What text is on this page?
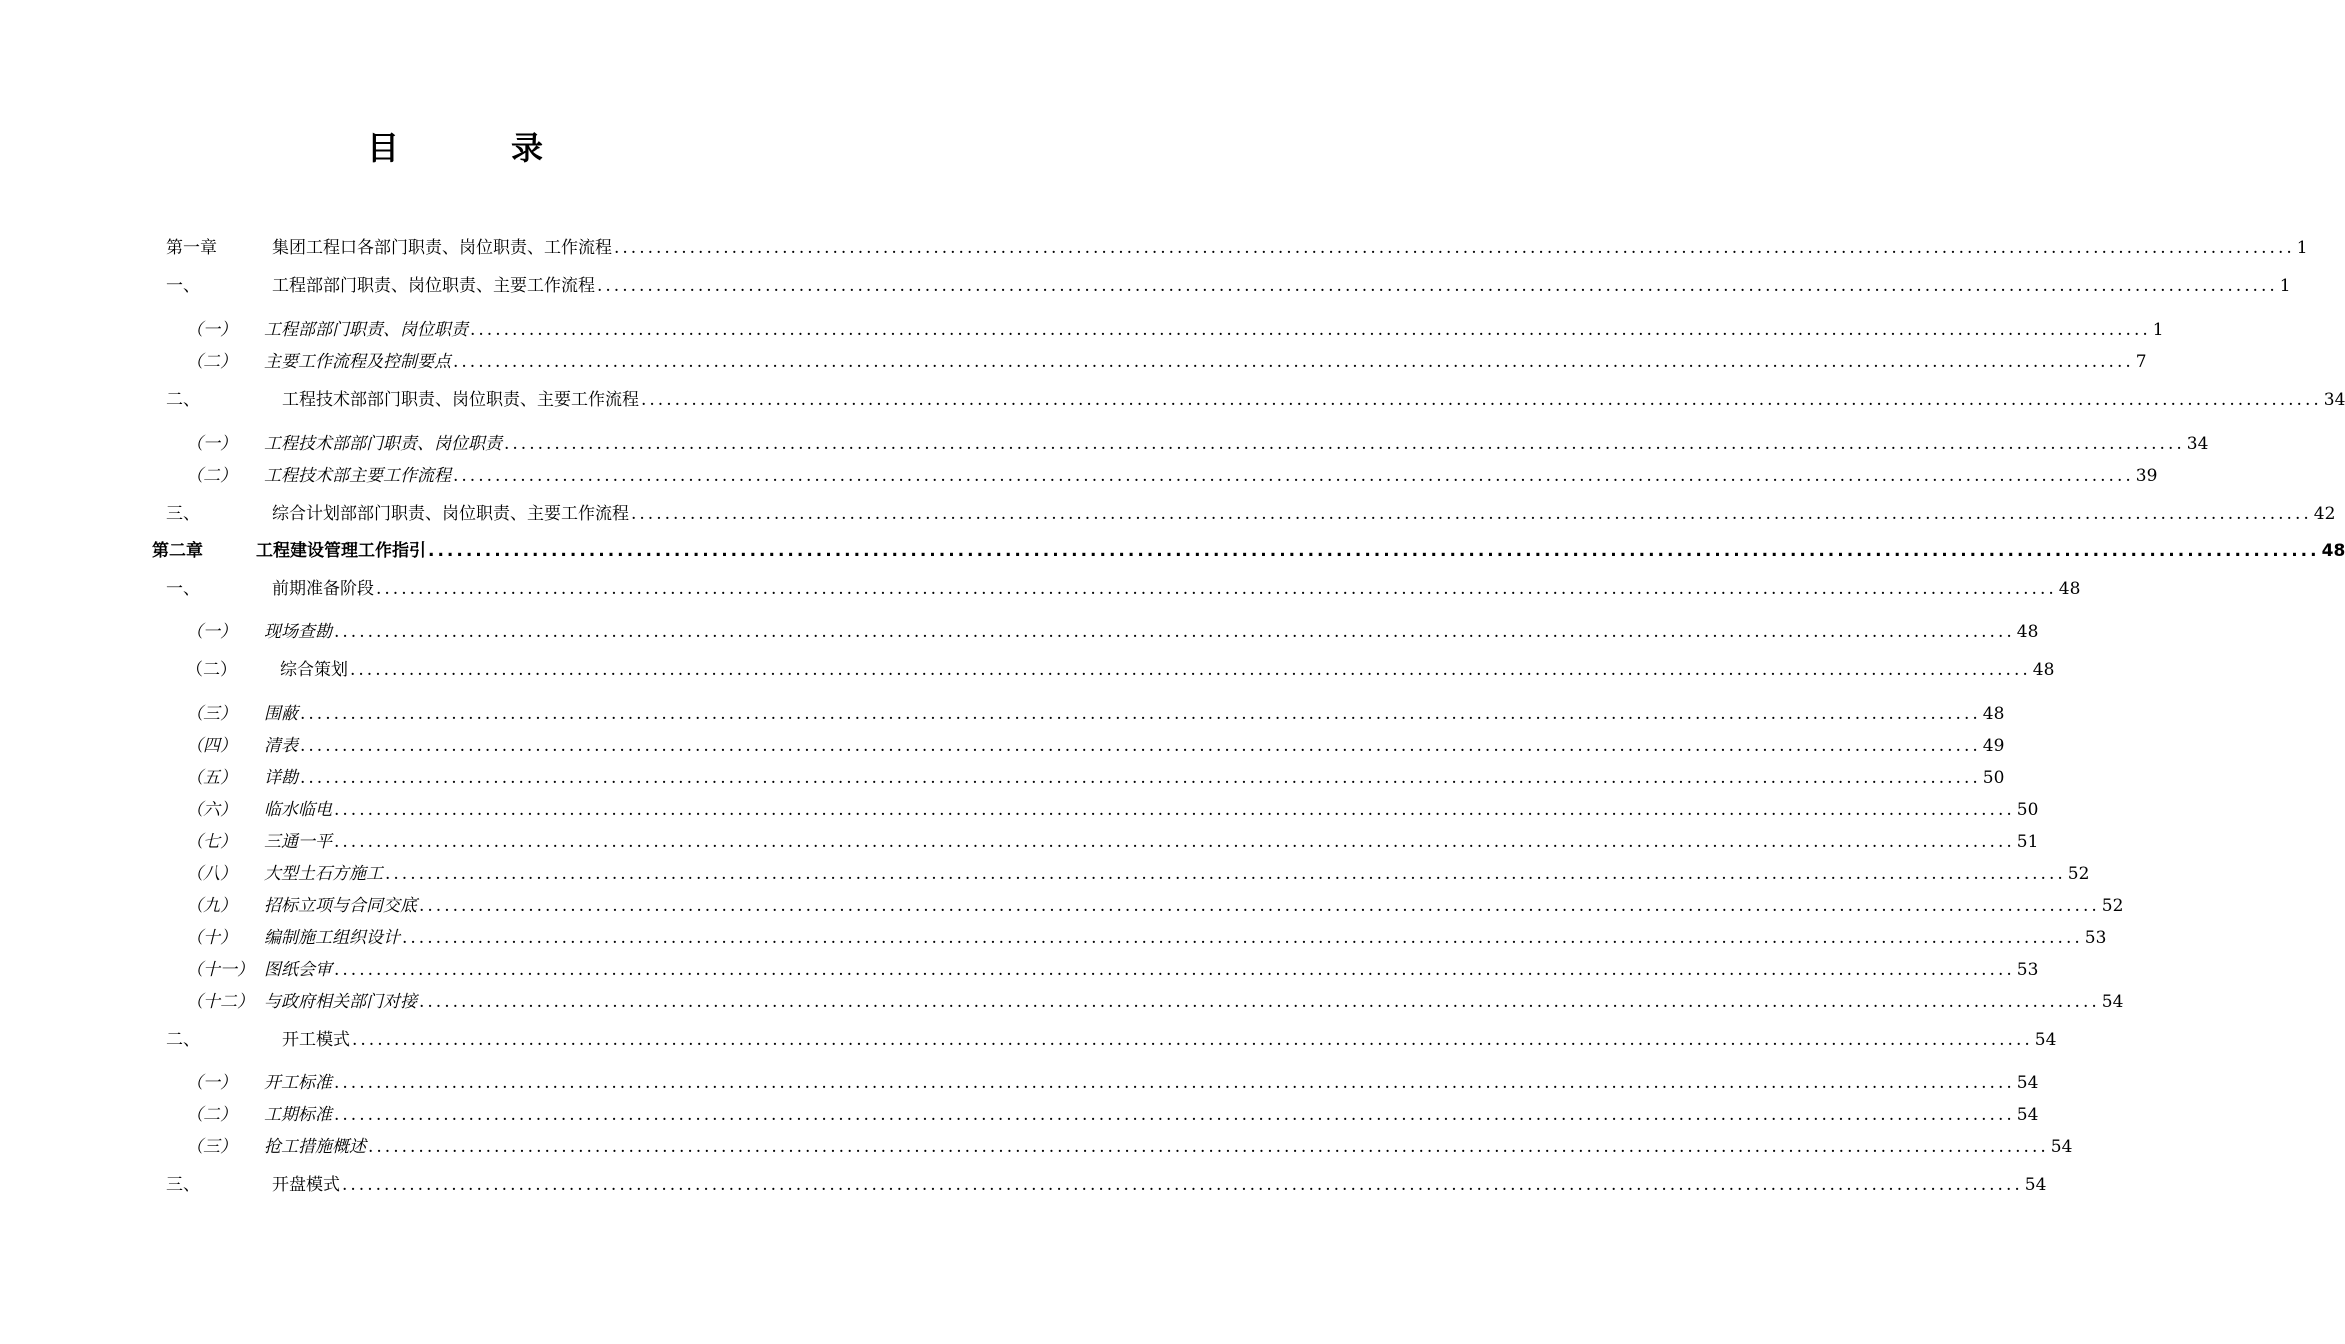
目　录
第一章	集团工程口各部门职责、岗位职责、工作流程 ........................................................................................................................................................................................................ 1
一、	工程部部门职责、岗位职责、主要工作流程 ........................................................................................................................................................................................................ 1
（一） 工程部部门职责、岗位职责 ........................................................................................................................................................................................................ 1
（二） 主要工作流程及控制要点 ........................................................................................................................................................................................................ 7
二、	工程技术部部门职责、岗位职责、主要工作流程 ........................................................................................................................................................................................................ 34
（一） 工程技术部部门职责、岗位职责 ........................................................................................................................................................................................................ 34
（二） 工程技术部主要工作流程 ........................................................................................................................................................................................................ 39
三、	综合计划部部门职责、岗位职责、主要工作流程 ........................................................................................................................................................................................................ 42
第二章	工程建设管理工作指引 ........................................................................................................................................................................................................ 48
一、	前期准备阶段 ........................................................................................................................................................................................................ 48
（一） 现场查勘 ........................................................................................................................................................................................................ 48
（二）	综合策划 ........................................................................................................................................................................................................ 48
（三） 围蔽 ........................................................................................................................................................................................................ 48
（四） 清表 ........................................................................................................................................................................................................ 49
（五） 详勘 ........................................................................................................................................................................................................ 50
（六） 临水临电 ........................................................................................................................................................................................................ 50
（七） 三通一平 ........................................................................................................................................................................................................ 51
（八） 大型土石方施工 ........................................................................................................................................................................................................ 52
（九） 招标立项与合同交底 ........................................................................................................................................................................................................ 52
（十） 编制施工组织设计 ........................................................................................................................................................................................................ 53
（十一） 图纸会审 ........................................................................................................................................................................................................ 53
（十二） 与政府相关部门对接 ........................................................................................................................................................................................................ 54
二、	开工模式 ........................................................................................................................................................................................................ 54
（一） 开工标准 ........................................................................................................................................................................................................ 54
（二） 工期标准 ........................................................................................................................................................................................................ 54
（三） 抢工措施概述 ........................................................................................................................................................................................................ 54
三、	开盘模式 ........................................................................................................................................................................................................ 54
